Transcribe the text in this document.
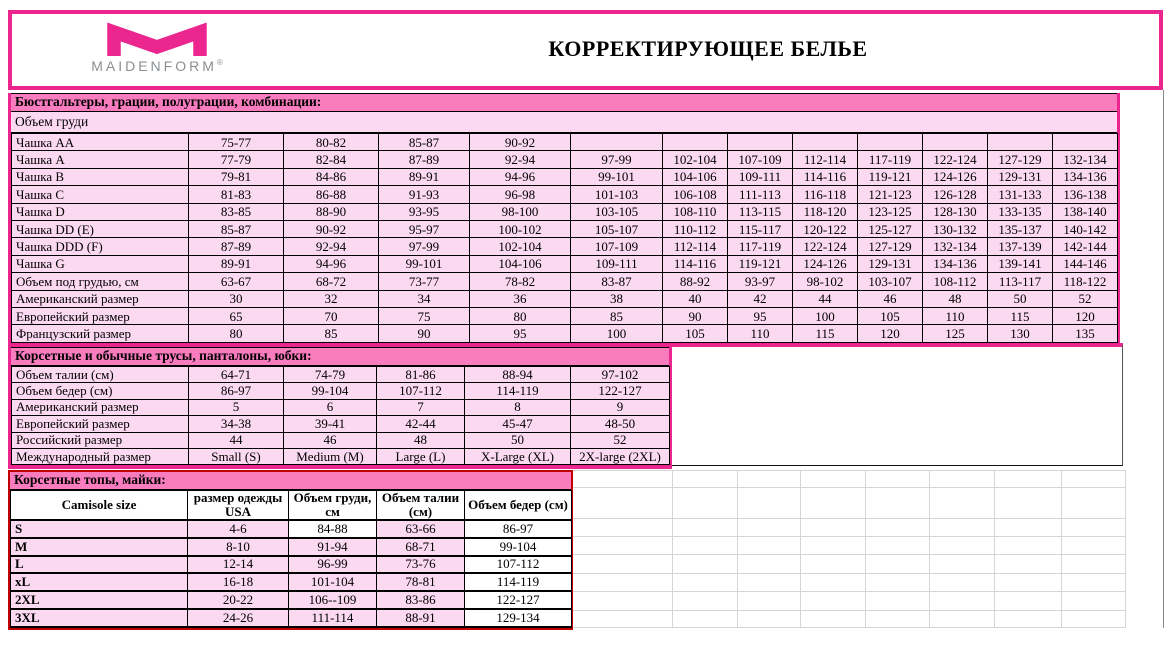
MAIDENFORM®
КОРРЕКТИРУЮЩЕЕ БЕЛЬЕ
Бюстгальтеры, грации, полуграции, комбинации:
Объем груди
Чашка AA	75-77	80-82	85-87	90-92								
Чашка A	77-79	82-84	87-89	92-94	97-99	102-104	107-109	112-114	117-119	122-124	127-129	132-134
Чашка B	79-81	84-86	89-91	94-96	99-101	104-106	109-111	114-116	119-121	124-126	129-131	134-136
Чашка C	81-83	86-88	91-93	96-98	101-103	106-108	111-113	116-118	121-123	126-128	131-133	136-138
Чашка D	83-85	88-90	93-95	98-100	103-105	108-110	113-115	118-120	123-125	128-130	133-135	138-140
Чашка DD (E)	85-87	90-92	95-97	100-102	105-107	110-112	115-117	120-122	125-127	130-132	135-137	140-142
Чашка DDD (F)	87-89	92-94	97-99	102-104	107-109	112-114	117-119	122-124	127-129	132-134	137-139	142-144
Чашка G	89-91	94-96	99-101	104-106	109-111	114-116	119-121	124-126	129-131	134-136	139-141	144-146
Объем под грудью, см	63-67	68-72	73-77	78-82	83-87	88-92	93-97	98-102	103-107	108-112	113-117	118-122
Американский размер	30	32	34	36	38	40	42	44	46	48	50	52
Европейский размер	65	70	75	80	85	90	95	100	105	110	115	120
Французский размер	80	85	90	95	100	105	110	115	120	125	130	135
Корсетные и обычные трусы, панталоны, юбки:
Объем талии (см)	64-71	74-79	81-86	88-94	97-102
Объем бедер (см)	86-97	99-104	107-112	114-119	122-127
Американский размер	5	6	7	8	9
Европейский размер	34-38	39-41	42-44	45-47	48-50
Российский размер	44	46	48	50	52
Международный размер	Small (S)	Medium (M)	Large (L)	X-Large (XL)	2X-large (2XL)
Корсетные топы, майки:
Camisole size	размер одежды USA	Объем груди, см	Объем талии (см)	Объем бедер (см)
S	4-6	84-88	63-66	86-97
M	8-10	91-94	68-71	99-104
L	12-14	96-99	73-76	107-112
xL	16-18	101-104	78-81	114-119
2XL	20-22	106--109	83-86	122-127
3XL	24-26	111-114	88-91	129-134
